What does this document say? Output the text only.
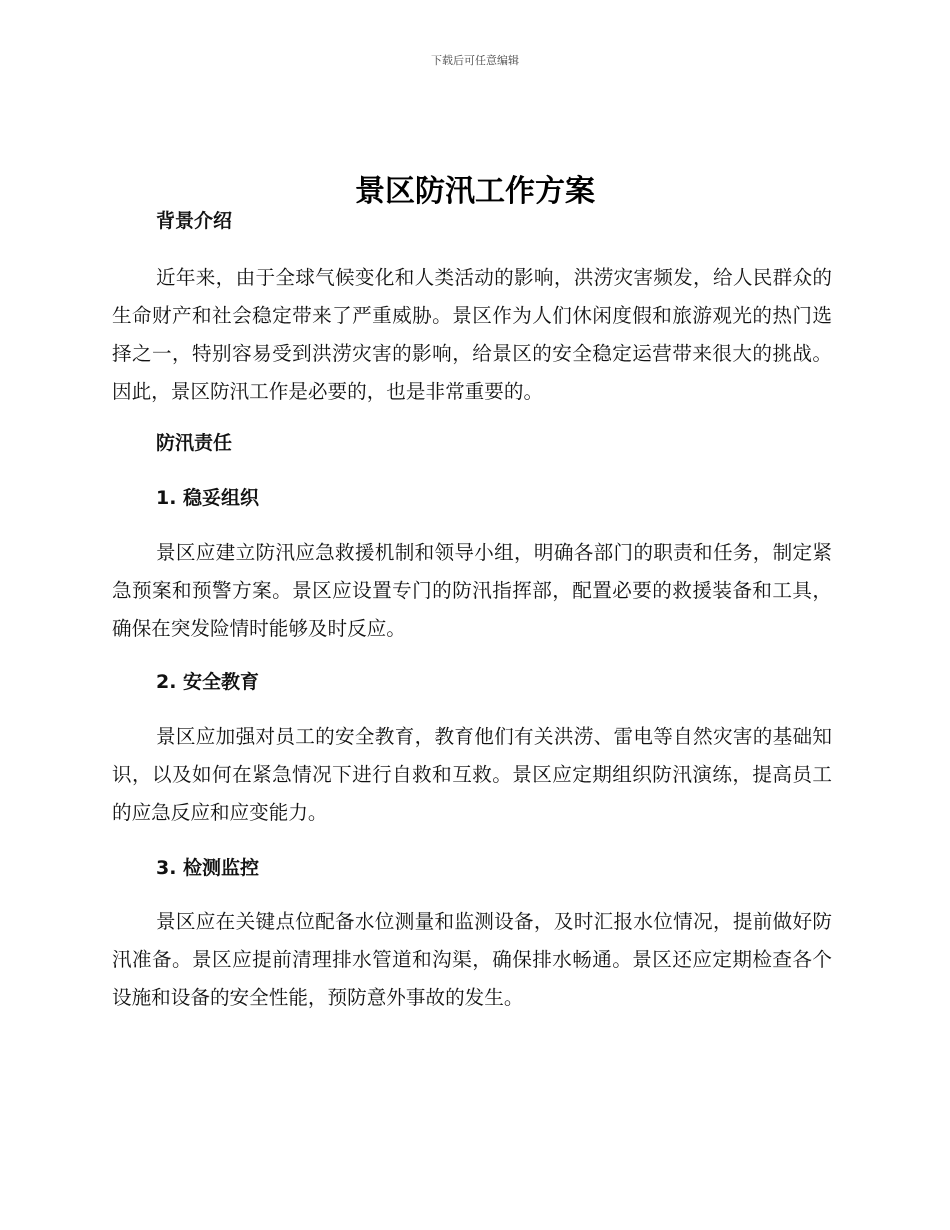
下载后可任意编辑
景区防汛工作方案
背景介绍

近年来，由于全球气候变化和人类活动的影响，洪涝灾害频发，给人民群众的生命财产和社会稳定带来了严重威胁。景区作为人们休闲度假和旅游观光的热门选择之一，特别容易受到洪涝灾害的影响，给景区的安全稳定运营带来很大的挑战。因此，景区防汛工作是必要的，也是非常重要的。

防汛责任
1. 稳妥组织

景区应建立防汛应急救援机制和领导小组，明确各部门的职责和任务，制定紧急预案和预警方案。景区应设置专门的防汛指挥部，配置必要的救援装备和工具，确保在突发险情时能够及时反应。

2. 安全教育

景区应加强对员工的安全教育，教育他们有关洪涝、雷电等自然灾害的基础知识，以及如何在紧急情况下进行自救和互救。景区应定期组织防汛演练，提高员工的应急反应和应变能力。

3. 检测监控

景区应在关键点位配备水位测量和监测设备，及时汇报水位情况，提前做好防汛准备。景区应提前清理排水管道和沟渠，确保排水畅通。景区还应定期检查各个设施和设备的安全性能，预防意外事故的发生。
